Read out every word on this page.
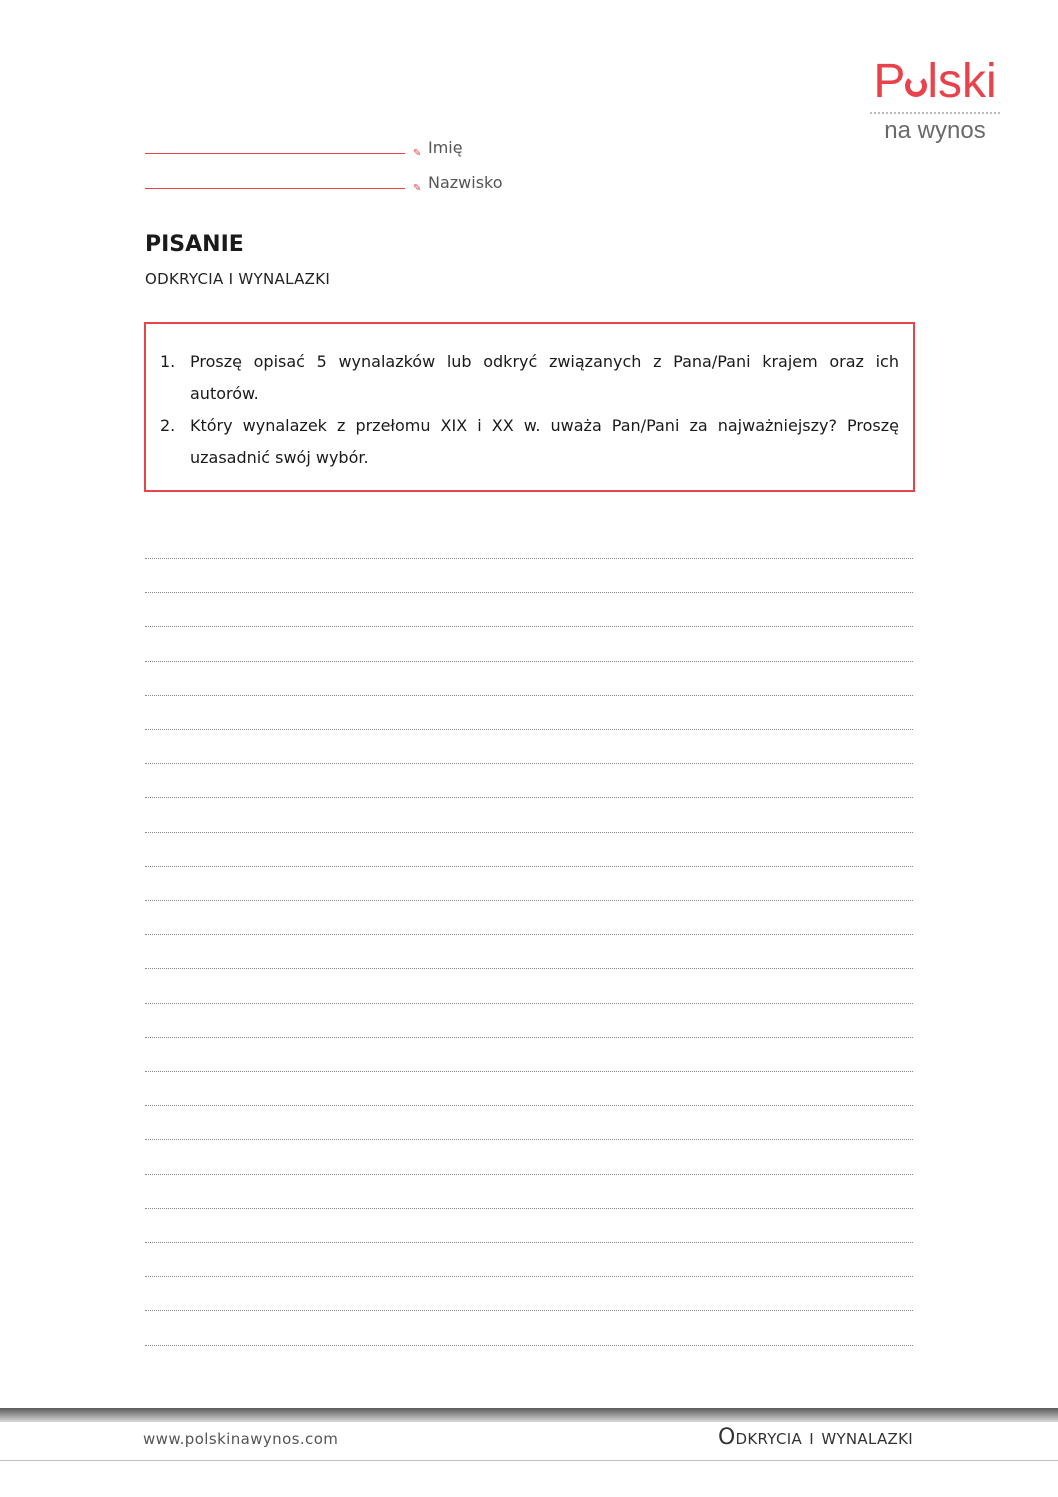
P lski
na wynos
✎ Imię
✎ Nazwisko
PISANIE
ODKRYCIA I WYNALAZKI
1. Proszę opisać 5 wynalazków lub odkryć związanych z Pana/Pani krajem oraz ich autorów.
2. Który wynalazek z przełomu XIX i XX w. uważa Pan/Pani za najważniejszy? Proszę uzasadnić swój wybór.
www.polskinawynos.com	Odkrycia i wynalazki
